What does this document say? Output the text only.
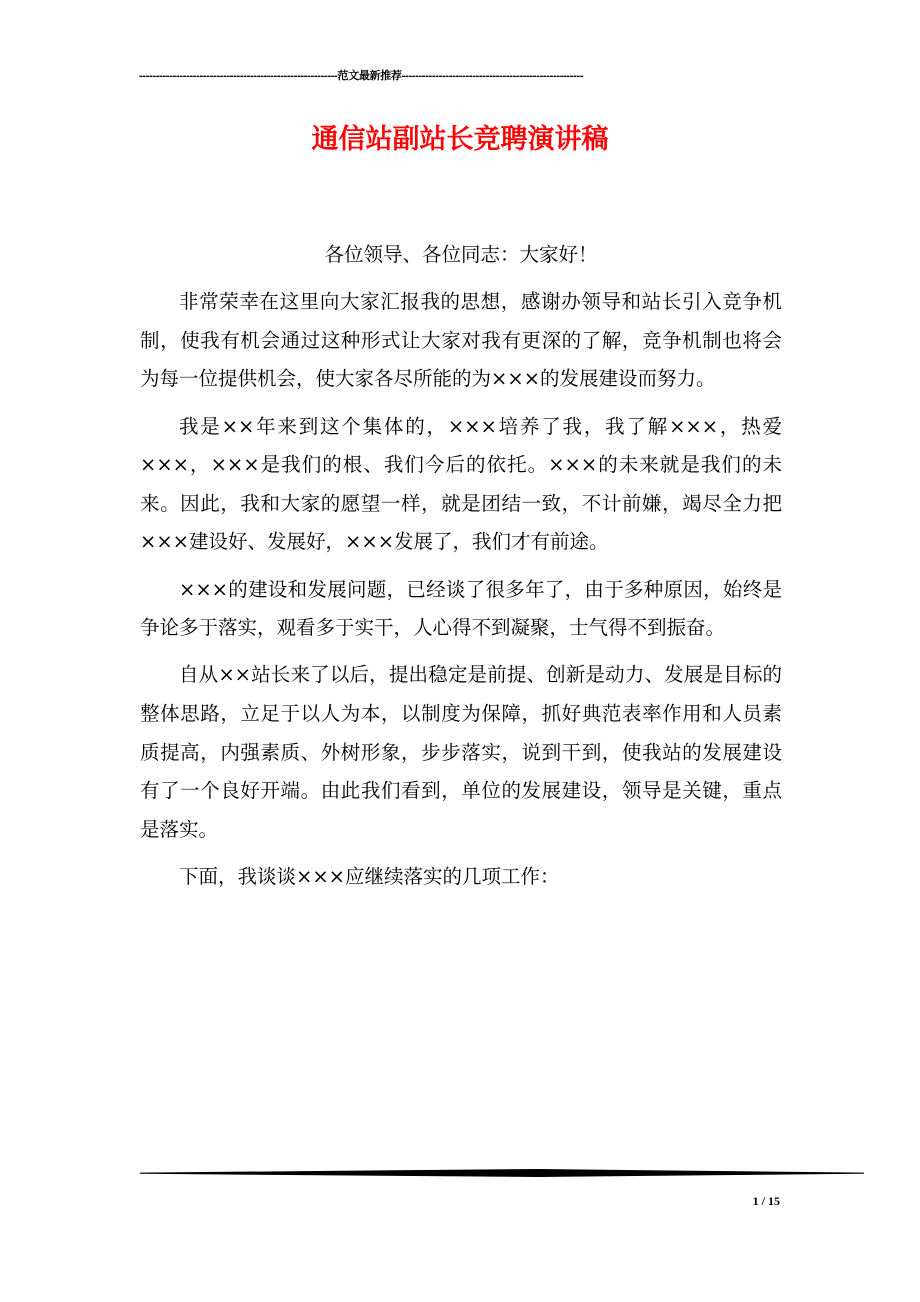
-----------------------------------------------------------范文最新推荐------------------------------------------------------
通信站副站长竞聘演讲稿

各位领导、各位同志：大家好！

非常荣幸在这里向大家汇报我的思想，感谢办领导和站长引入竞争机制，使我有机会通过这种形式让大家对我有更深的了解，竞争机制也将会为每一位提供机会，使大家各尽所能的为×××的发展建设而努力。

我是××年来到这个集体的，×××培养了我，我了解×××，热爱×××，×××是我们的根、我们今后的依托。×××的未来就是我们的未来。因此，我和大家的愿望一样，就是团结一致，不计前嫌，竭尽全力把×××建设好、发展好，×××发展了，我们才有前途。

×××的建设和发展问题，已经谈了很多年了，由于多种原因，始终是争论多于落实，观看多于实干，人心得不到凝聚，士气得不到振奋。

自从××站长来了以后，提出稳定是前提、创新是动力、发展是目标的整体思路，立足于以人为本，以制度为保障，抓好典范表率作用和人员素质提高，内强素质、外树形象，步步落实，说到干到，使我站的发展建设有了一个良好开端。由此我们看到，单位的发展建设，领导是关键，重点是落实。

下面，我谈谈×××应继续落实的几项工作：

1 / 15
